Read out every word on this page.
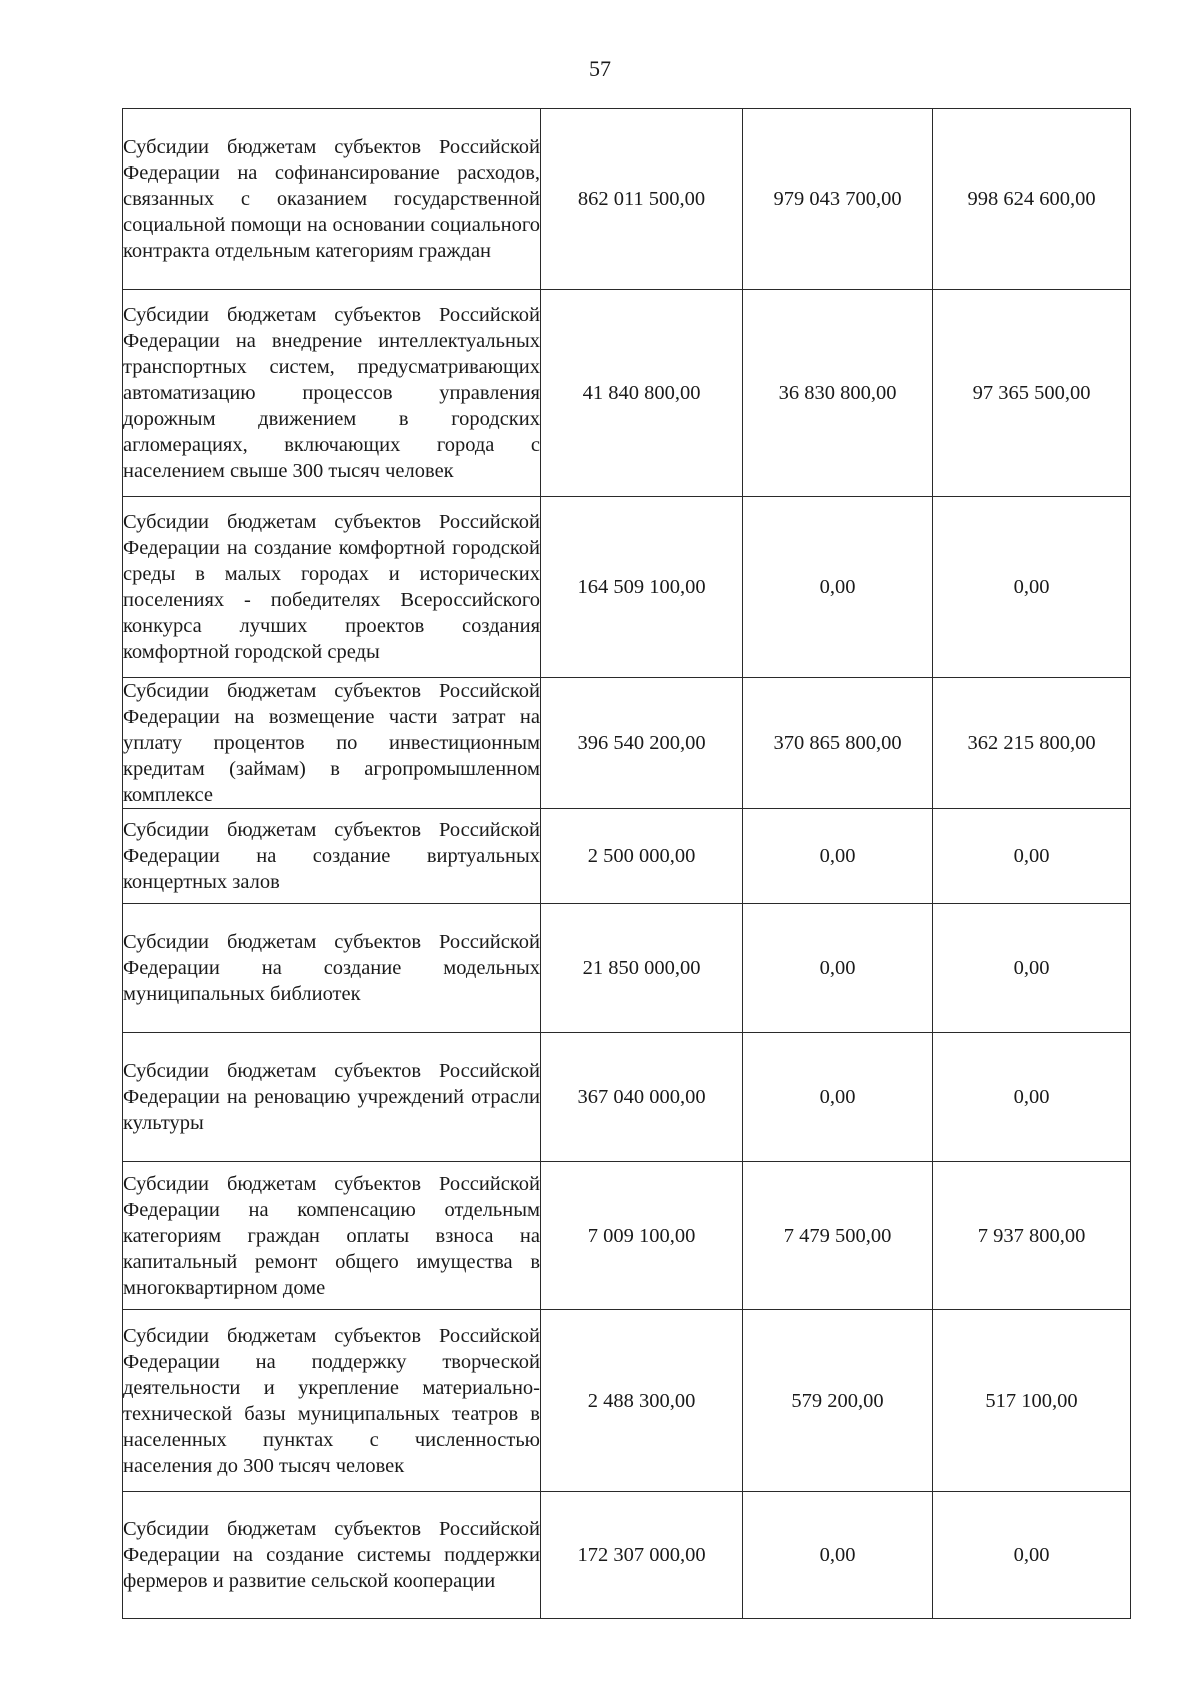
57
Субсидии бюджетам субъектов Российской Федерации на софинансирование расходов, связанных с оказанием государственной социальной помощи на основании социального контракта отдельным категориям граждан	862 011 500,00	979 043 700,00	998 624 600,00
Субсидии бюджетам субъектов Российской Федерации на внедрение интеллектуальных транспортных систем, предусматривающих автоматизацию процессов управления дорожным движением в городских агломерациях, включающих города с населением свыше 300 тысяч человек	41 840 800,00	36 830 800,00	97 365 500,00
Субсидии бюджетам субъектов Российской Федерации на создание комфортной городской среды в малых городах и исторических поселениях - победителях Всероссийского конкурса лучших проектов создания комфортной городской среды	164 509 100,00	0,00	0,00
Субсидии бюджетам субъектов Российской Федерации на возмещение части затрат на уплату процентов по инвестиционным кредитам (займам) в агропромышленном комплексе	396 540 200,00	370 865 800,00	362 215 800,00
Субсидии бюджетам субъектов Российской Федерации на создание виртуальных концертных залов	2 500 000,00	0,00	0,00
Субсидии бюджетам субъектов Российской Федерации на создание модельных муниципальных библиотек	21 850 000,00	0,00	0,00
Субсидии бюджетам субъектов Российской Федерации на реновацию учреждений отрасли культуры	367 040 000,00	0,00	0,00
Субсидии бюджетам субъектов Российской Федерации на компенсацию отдельным категориям граждан оплаты взноса на капитальный ремонт общего имущества в многоквартирном доме	7 009 100,00	7 479 500,00	7 937 800,00
Субсидии бюджетам субъектов Российской Федерации на поддержку творческой деятельности и укрепление материально-технической базы муниципальных театров в населенных пунктах с численностью населения до 300 тысяч человек	2 488 300,00	579 200,00	517 100,00
Субсидии бюджетам субъектов Российской Федерации на создание системы поддержки фермеров и развитие сельской кооперации	172 307 000,00	0,00	0,00
